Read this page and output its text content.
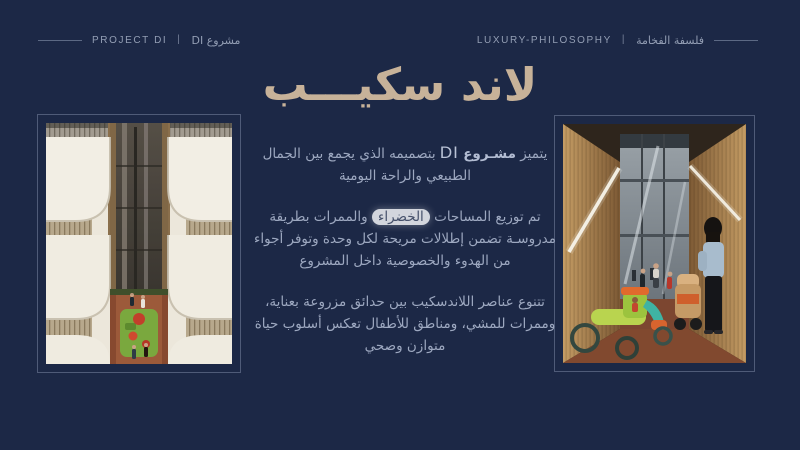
PROJECT DI | مشروع DI	LUXURY-PHILOSOPHY | فلسفة الفخامة
لاند سكيـــب

يتميز مشـروع DI بتصميمه الذي يجمع بين الجمال الطبيعي والراحة اليومية

تم توزيع المساحات الخضراء والممرات بطريقة مدروسـة تضمن إطلالات مريحة لكل وحدة وتوفر أجواء من الهدوء والخصوصية داخل المشروع

تتنوع عناصر اللاندسكيب بين حدائق مزروعة بعناية، وممرات للمشي، ومناطق للأطفال تعكس أسلوب حياة متوازن وصحي
